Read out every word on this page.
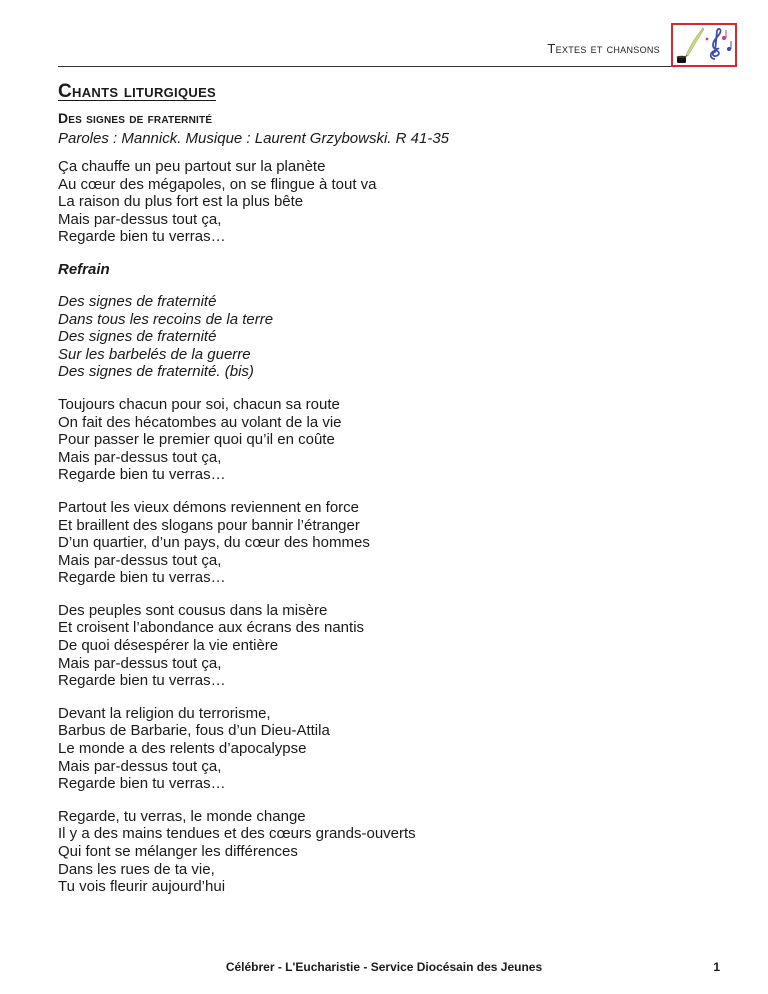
Textes et chansons
Chants liturgiques
Des signes de fraternité

Paroles : Mannick. Musique : Laurent Grzybowski. R 41-35

Ça chauffe un peu partout sur la planète
Au cœur des mégapoles, on se flingue à tout va
La raison du plus fort est la plus bête
Mais par-dessus tout ça,
Regarde bien tu verras…

Refrain

Des signes de fraternité
Dans tous les recoins de la terre
Des signes de fraternité
Sur les barbelés de la guerre
Des signes de fraternité. (bis)

Toujours chacun pour soi, chacun sa route
On fait des hécatombes au volant de la vie
Pour passer le premier quoi qu’il en coûte
Mais par-dessus tout ça,
Regarde bien tu verras…

Partout les vieux démons reviennent en force
Et braillent des slogans pour bannir l’étranger
D’un quartier, d’un pays, du cœur des hommes
Mais par-dessus tout ça,
Regarde bien tu verras…

Des peuples sont cousus dans la misère
Et croisent l’abondance aux écrans des nantis
De quoi désespérer la vie entière
Mais par-dessus tout ça,
Regarde bien tu verras…

Devant la religion du terrorisme,
Barbus de Barbarie, fous d’un Dieu-Attila
Le monde a des relents d’apocalypse
Mais par-dessus tout ça,
Regarde bien tu verras…

Regarde, tu verras, le monde change
Il y a des mains tendues et des cœurs grands-ouverts
Qui font se mélanger les différences
Dans les rues de ta vie,
Tu vois fleurir aujourd’hui

Célébrer - L'Eucharistie - Service Diocésain des Jeunes	1
